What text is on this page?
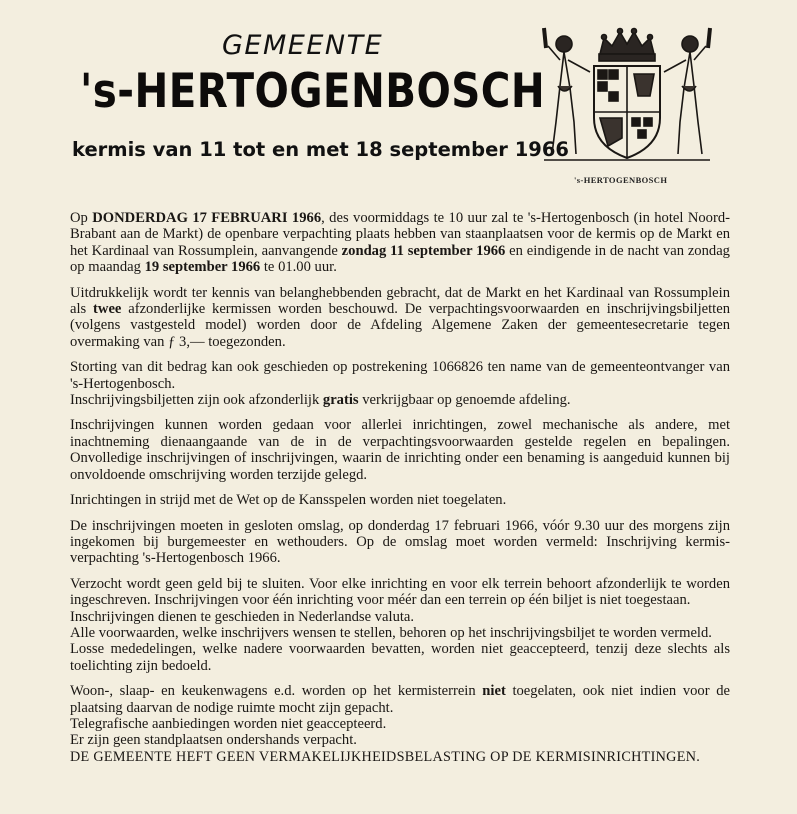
GEMEENTE
's-HERTOGENBOSCH
kermis van 11 tot en met 18 september 1966
's-HERTOGENBOSCH

Op DONDERDAG 17 FEBRUARI 1966, des voormiddags te 10 uur zal te 's-Hertogenbosch (in hotel Noord-Brabant aan de Markt) de openbare verpachting plaats hebben van staanplaatsen voor de kermis op de Markt en het Kardinaal van Rossumplein, aanvangende zondag 11 september 1966 en eindigende in de nacht van zondag op maandag 19 september 1966 te 01.00 uur.

Uitdrukkelijk wordt ter kennis van belanghebbenden gebracht, dat de Markt en het Kardinaal van Rossumplein als twee afzonderlijke kermissen worden beschouwd. De verpachtingsvoorwaarden en inschrijvingsbiljetten (volgens vastgesteld model) worden door de Afdeling Algemene Zaken der gemeentesecretarie tegen overmaking van ƒ 3,— toegezonden.

Storting van dit bedrag kan ook geschieden op postrekening 1066826 ten name van de gemeenteontvanger van 's-Hertogenbosch.
Inschrijvingsbiljetten zijn ook afzonderlijk gratis verkrijgbaar op genoemde afdeling.

Inschrijvingen kunnen worden gedaan voor allerlei inrichtingen, zowel mechanische als andere, met inachtneming dienaangaande van de in de verpachtingsvoorwaarden gestelde regelen en bepalingen. Onvolledige inschrijvingen of inschrijvingen, waarin de inrichting onder een benaming is aangeduid kunnen bij onvoldoende omschrijving worden terzijde gelegd.

Inrichtingen in strijd met de Wet op de Kansspelen worden niet toegelaten.

De inschrijvingen moeten in gesloten omslag, op donderdag 17 februari 1966, vóór 9.30 uur des morgens zijn ingekomen bij burgemeester en wethouders. Op de omslag moet worden vermeld: Inschrijving kermis-verpachting 's-Hertogenbosch 1966.

Verzocht wordt geen geld bij te sluiten. Voor elke inrichting en voor elk terrein behoort afzonderlijk te worden ingeschreven. Inschrijvingen voor één inrichting voor méér dan een terrein op één biljet is niet toegestaan.
Inschrijvingen dienen te geschieden in Nederlandse valuta.
Alle voorwaarden, welke inschrijvers wensen te stellen, behoren op het inschrijvingsbiljet te worden vermeld.
Losse mededelingen, welke nadere voorwaarden bevatten, worden niet geaccepteerd, tenzij deze slechts als toelichting zijn bedoeld.

Woon-, slaap- en keukenwagens e.d. worden op het kermisterrein niet toegelaten, ook niet indien voor de plaatsing daarvan de nodige ruimte mocht zijn gepacht.
Telegrafische aanbiedingen worden niet geaccepteerd.
Er zijn geen standplaatsen ondershands verpacht.

DE GEMEENTE HEFT GEEN VERMAKELIJKHEIDSBELASTING OP DE KERMISINRICHTINGEN.
